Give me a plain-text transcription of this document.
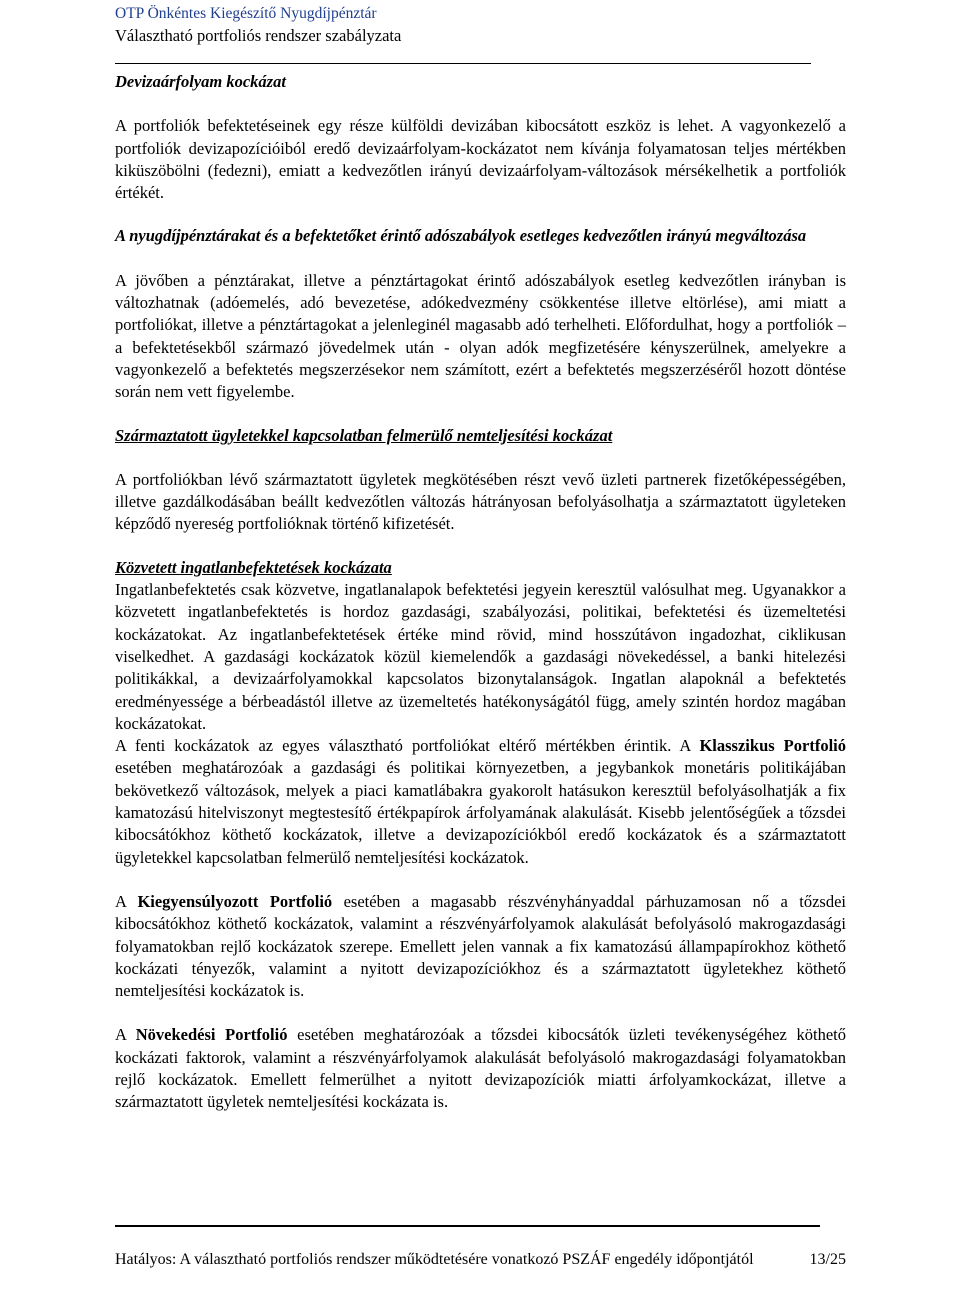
OTP Önkéntes Kiegészítő Nyugdíjpénztár
Választható portfoliós rendszer szabályzata
Devizaárfolyam kockázat

A portfoliók befektetéseinek egy része külföldi devizában kibocsátott eszköz is lehet. A vagyonkezelő a portfoliók devizapozícióiból eredő devizaárfolyam-kockázatot nem kívánja folyamatosan teljes mértékben kiküszöbölni (fedezni), emiatt a kedvezőtlen irányú devizaárfolyam-változások mérsékelhetik a portfoliók értékét.

A nyugdíjpénztárakat és a befektetőket érintő adószabályok esetleges kedvezőtlen irányú megváltozása

A jövőben a pénztárakat, illetve a pénztártagokat érintő adószabályok esetleg kedvezőtlen irányban is változhatnak (adóemelés, adó bevezetése, adókedvezmény csökkentése illetve eltörlése), ami miatt a portfoliókat, illetve a pénztártagokat a jelenleginél magasabb adó terhelheti. Előfordulhat, hogy a portfoliók – a befektetésekből származó jövedelmek után - olyan adók megfizetésére kényszerülnek, amelyekre a vagyonkezelő a befektetés megszerzésekor nem számított, ezért a befektetés megszerzéséről hozott döntése során nem vett figyelembe.

Származtatott ügyletekkel kapcsolatban felmerülő nemteljesítési kockázat

A portfoliókban lévő származtatott ügyletek megkötésében részt vevő üzleti partnerek fizetőképességében, illetve gazdálkodásában beállt kedvezőtlen változás hátrányosan befolyásolhatja a származtatott ügyleteken képződő nyereség portfolióknak történő kifizetését.

Közvetett ingatlanbefektetések kockázata

Ingatlanbefektetés csak közvetve, ingatlanalapok befektetési jegyein keresztül valósulhat meg. Ugyanakkor a közvetett ingatlanbefektetés is hordoz gazdasági, szabályozási, politikai, befektetési és üzemeltetési kockázatokat. Az ingatlanbefektetések értéke mind rövid, mind hosszútávon ingadozhat, ciklikusan viselkedhet. A gazdasági kockázatok közül kiemelendők a gazdasági növekedéssel, a banki hitelezési politikákkal, a devizaárfolyamokkal kapcsolatos bizonytalanságok. Ingatlan alapoknál a befektetés eredményessége a bérbeadástól illetve az üzemeltetés hatékonyságától függ, amely szintén hordoz magában kockázatokat.

A fenti kockázatok az egyes választható portfoliókat eltérő mértékben érintik. A Klasszikus Portfolió esetében meghatározóak a gazdasági és politikai környezetben, a jegybankok monetáris politikájában bekövetkező változások, melyek a piaci kamatlábakra gyakorolt hatásukon keresztül befolyásolhatják a fix kamatozású hitelviszonyt megtestesítő értékpapírok árfolyamának alakulását. Kisebb jelentőségűek a tőzsdei kibocsátókhoz köthető kockázatok, illetve a devizapozíciókból eredő kockázatok és a származtatott ügyletekkel kapcsolatban felmerülő nemteljesítési kockázatok.

A Kiegyensúlyozott Portfolió esetében a magasabb részvényhányaddal párhuzamosan nő a tőzsdei kibocsátókhoz köthető kockázatok, valamint a részvényárfolyamok alakulását befolyásoló makrogazdasági folyamatokban rejlő kockázatok szerepe. Emellett jelen vannak a fix kamatozású állampapírokhoz köthető kockázati tényezők, valamint a nyitott devizapozíciókhoz és a származtatott ügyletekhez köthető nemteljesítési kockázatok is.

A Növekedési Portfolió esetében meghatározóak a tőzsdei kibocsátók üzleti tevékenységéhez köthető kockázati faktorok, valamint a részvényárfolyamok alakulását befolyásoló makrogazdasági folyamatokban rejlő kockázatok. Emellett felmerülhet a nyitott devizapozíciók miatti árfolyamkockázat, illetve a származtatott ügyletek nemteljesítési kockázata is.

Hatályos: A választható portfoliós rendszer működtetésére vonatkozó PSZÁF engedély időpontjától	13/25
